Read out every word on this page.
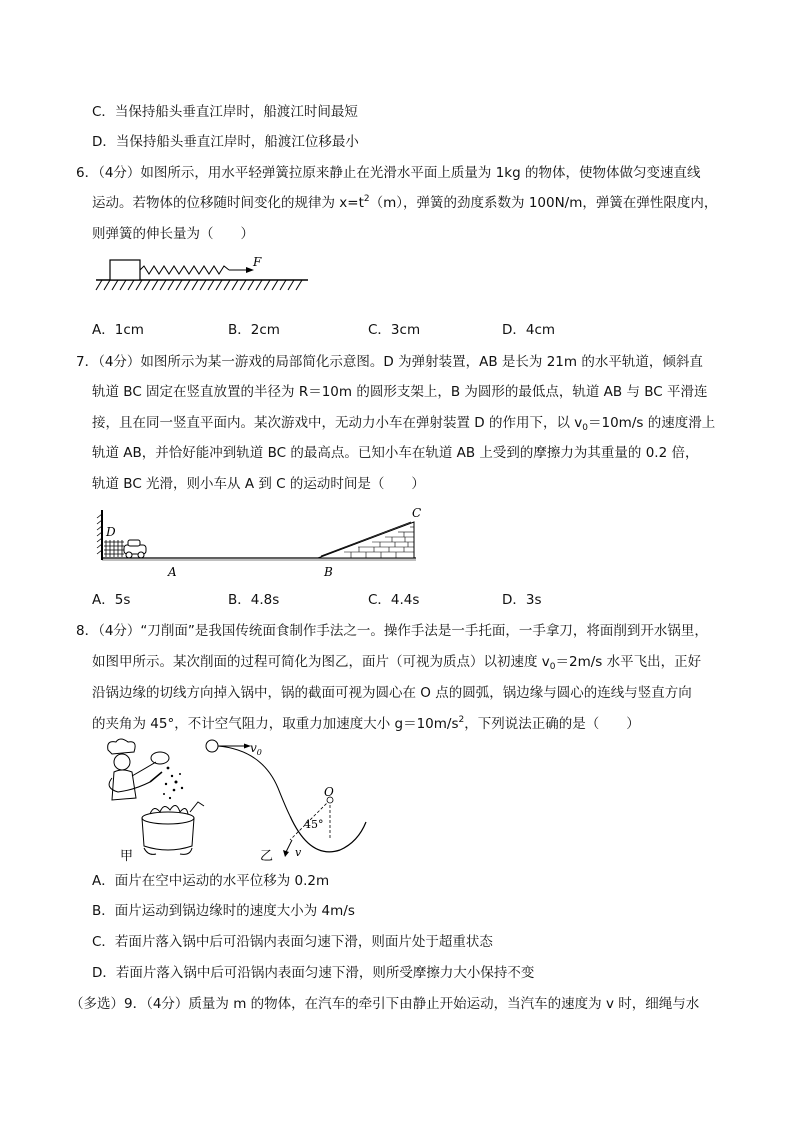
C．当保持船头垂直江岸时，船渡江时间最短
D．当保持船头垂直江岸时，船渡江位移最小
6．（4分）如图所示，用水平轻弹簧拉原来静止在光滑水平面上质量为 1kg 的物体，使物体做匀变速直线
运动。若物体的位移随时间变化的规律为 $x=t^2(m)$，弹簧的劲度系数为 100N/m，弹簧在弹性限度内，
则弹簧的伸长量为（　　）
F
A．1cm	B．2cm	C．3cm	D．4cm
7．（4分）如图所示为某一游戏的局部简化示意图。D 为弹射装置，AB 是长为 21m 的水平轨道，倾斜直
轨道 BC 固定在竖直放置的半径为 R＝10m 的圆形支架上，B 为圆形的最低点，轨道 AB 与 BC 平滑连
接，且在同一竖直平面内。某次游戏中，无动力小车在弹射装置 D 的作用下，以 $v_0=10m/s$ 的速度滑上
轨道 AB，并恰好能冲到轨道 BC 的最高点。已知小车在轨道 AB 上受到的摩擦力为其重量的 0.2 倍，
轨道 BC 光滑，则小车从 A 到 C 的运动时间是（　　）
D
C
A	B
A．5s	B．4.8s	C．4.4s	D．3s
8．（4分）“刀削面”是我国传统面食制作手法之一。操作手法是一手托面，一手拿刀，将面削到开水锅里，
如图甲所示。某次削面的过程可简化为图乙，面片（可视为质点）以初速度 $v_0=2m/s$ 水平飞出，正好
沿锅边缘的切线方向掉入锅中，锅的截面可视为圆心在 O 点的圆弧，锅边缘与圆心的连线与竖直方向
的夹角为 45°，不计空气阻力，取重力加速度大小 $g=10m/s^2$，下列说法正确的是（　　）
甲
$v_0$
O
45°
v
乙
A．面片在空中运动的水平位移为 0.2m
B．面片运动到锅边缘时的速度大小为 4m/s
C．若面片落入锅中后可沿锅内表面匀速下滑，则面片处于超重状态
D．若面片落入锅中后可沿锅内表面匀速下滑，则所受摩擦力大小保持不变
（多选）9．（4分）质量为 m 的物体，在汽车的牵引下由静止开始运动，当汽车的速度为 v 时，细绳与水
